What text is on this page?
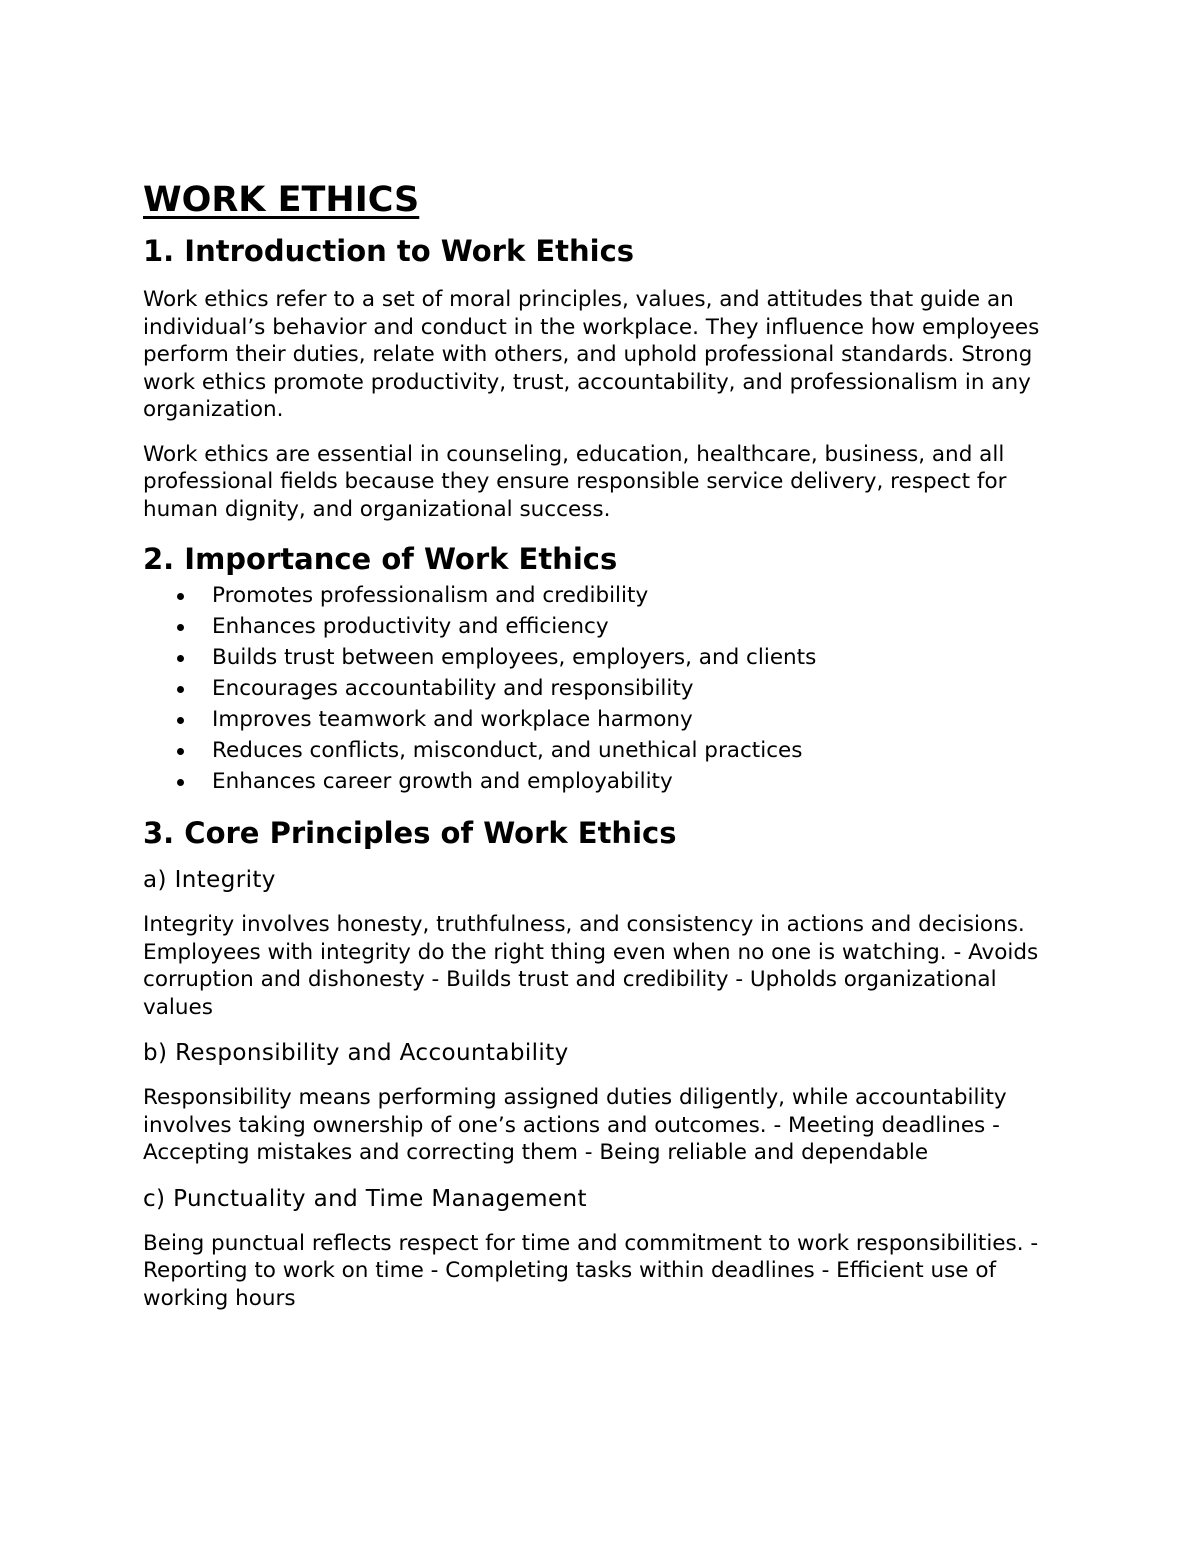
WORK ETHICS
1. Introduction to Work Ethics

Work ethics refer to a set of moral principles, values, and attitudes that guide an individual’s behavior and conduct in the workplace. They influence how employees perform their duties, relate with others, and uphold professional standards. Strong work ethics promote productivity, trust, accountability, and professionalism in any organization.

Work ethics are essential in counseling, education, healthcare, business, and all professional fields because they ensure responsible service delivery, respect for human dignity, and organizational success.

2. Importance of Work Ethics
Promotes professionalism and credibility
Enhances productivity and efficiency
Builds trust between employees, employers, and clients
Encourages accountability and responsibility
Improves teamwork and workplace harmony
Reduces conflicts, misconduct, and unethical practices
Enhances career growth and employability
3. Core Principles of Work Ethics
a) Integrity

Integrity involves honesty, truthfulness, and consistency in actions and decisions. Employees with integrity do the right thing even when no one is watching. - Avoids corruption and dishonesty - Builds trust and credibility - Upholds organizational values

b) Responsibility and Accountability

Responsibility means performing assigned duties diligently, while accountability involves taking ownership of one’s actions and outcomes. - Meeting deadlines - Accepting mistakes and correcting them - Being reliable and dependable

c) Punctuality and Time Management

Being punctual reflects respect for time and commitment to work responsibilities. - Reporting to work on time - Completing tasks within deadlines - Efficient use of working hours
